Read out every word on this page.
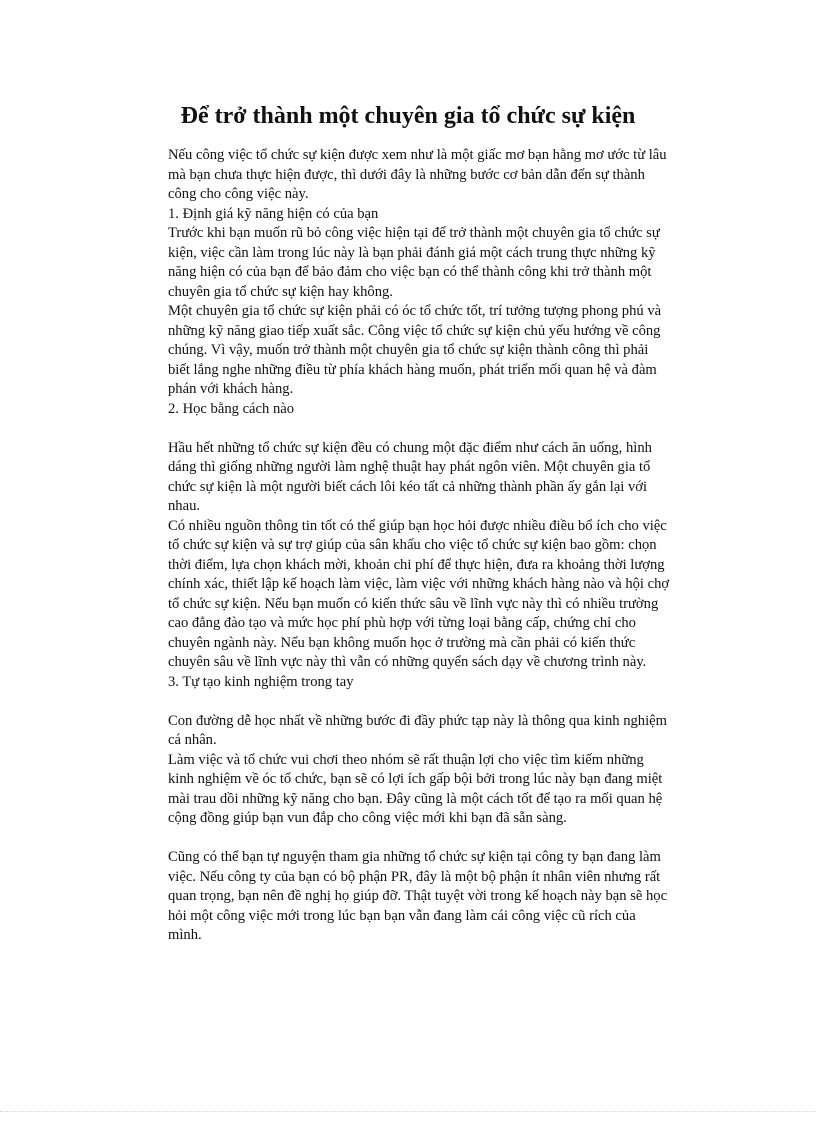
Để trở thành một chuyên gia tổ chức sự kiện

Nếu công việc tổ chức sự kiện được xem như là một giấc mơ bạn hằng mơ ước từ lâu mà bạn chưa thực hiện được, thì dưới đây là những bước cơ bản dẫn đến sự thành công cho công việc này.

1. Định giá kỹ năng hiện có của bạn

Trước khi bạn muốn rũ bỏ công việc hiện tại để trở thành một chuyên gia tổ chức sự kiện, việc cần làm trong lúc này là bạn phải đánh giá một cách trung thực những kỹ năng hiện có của bạn để bảo đảm cho việc bạn có thể thành công khi trở thành một chuyên gia tổ chức sự kiện hay không.

Một chuyên gia tổ chức sự kiện phải có óc tổ chức tốt, trí tưởng tượng phong phú và những kỹ năng giao tiếp xuất sắc. Công việc tổ chức sự kiện chủ yếu hướng về công chúng. Vì vậy, muốn trở thành một chuyên gia tổ chức sự kiện thành công thì phải biết lắng nghe những điều từ phía khách hàng muốn, phát triển mối quan hệ và đàm phán với khách hàng.

2. Học bằng cách nào

Hầu hết những tổ chức sự kiện đều có chung một đặc điểm như cách ăn uống, hình dáng thì giống những người làm nghệ thuật hay phát ngôn viên. Một chuyên gia tổ chức sự kiện là một người biết cách lôi kéo tất cả những thành phần ấy gắn lại với nhau.

Có nhiều nguồn thông tin tốt có thể giúp bạn học hỏi được nhiều điều bổ ích cho việc tổ chức sự kiện và sự trợ giúp của sân khấu cho việc tổ chức sự kiện bao gồm: chọn thời điểm, lựa chọn khách mời, khoản chi phí để thực hiện, đưa ra khoảng thời lượng chính xác, thiết lập kế hoạch làm việc, làm việc với những khách hàng nào và hội chợ tổ chức sự kiện. Nếu bạn muốn có kiến thức sâu về lĩnh vực này thì có nhiều trường cao đẳng đào tạo và mức học phí phù hợp với từng loại bằng cấp, chứng chỉ cho chuyên ngành này. Nếu bạn không muốn học ở trường mà cần phải có kiến thức chuyên sâu về lĩnh vực này thì vẫn có những quyển sách dạy về chương trình này.

3. Tự tạo kinh nghiệm trong tay

Con đường dễ học nhất về những bước đi đầy phức tạp này là thông qua kinh nghiệm cá nhân.

Làm việc và tổ chức vui chơi theo nhóm sẽ rất thuận lợi cho việc tìm kiếm những kinh nghiệm về óc tổ chức, bạn sẽ có lợi ích gấp bội bởi trong lúc này bạn đang miệt mài trau dồi những kỹ năng cho bạn. Đây cũng là một cách tốt để tạo ra mối quan hệ cộng đồng giúp bạn vun đắp cho công việc mới khi bạn đã sẵn sàng.

Cũng có thể bạn tự nguyện tham gia những tổ chức sự kiện tại công ty bạn đang làm việc. Nếu công ty của bạn có bộ phận PR, đây là một bộ phận ít nhân viên nhưng rất quan trọng, bạn nên đề nghị họ giúp đỡ. Thật tuyệt vời trong kế hoạch này bạn sẽ học hỏi một công việc mới trong lúc bạn bạn vẫn đang làm cái công việc cũ rích của mình.
